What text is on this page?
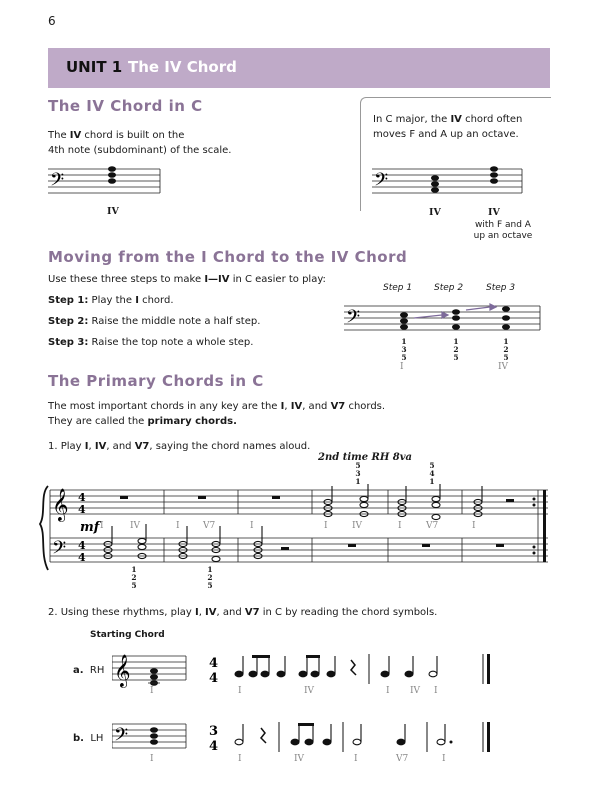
6
UNIT 1 The IV Chord
The IV Chord in C
The IV chord is built on the
4th note (subdominant) of the scale.
𝄢
IV
In C major, the IV chord often
moves F and A up an octave.
𝄢
IV	IV
with F and A
up an octave
Moving from the I Chord to the IV Chord
Use these three steps to make I—IV in C easier to play:
Step 1: Play the I chord.
Step 2: Raise the middle note a half step.
Step 3: Raise the top note a whole step.
Step 1 Step 2	Step 3
𝄢
1
3
5
1
2
5
1
2
5
I	IV
The Primary Chords in C
The most important chords in any key are the I, IV, and V7 chords.
They are called the primary chords.
1. Play I, IV, and V7, saying the chord names aloud.
2nd time RH 8va
5
3
1
5
4
1
𝄞
𝄢
4
4
4
4
mf I	IV	I	V7	I	I	IV	I	V7	I
1
2
5
1
2
5
2. Using these rhythms, play I, IV, and V7 in C by reading the chord symbols.
Starting Chord
a. RH 𝄞
I
4
4
I	IV	I IV I
b. LH 𝄢
I
3
4
I	IV	I	V7	I
